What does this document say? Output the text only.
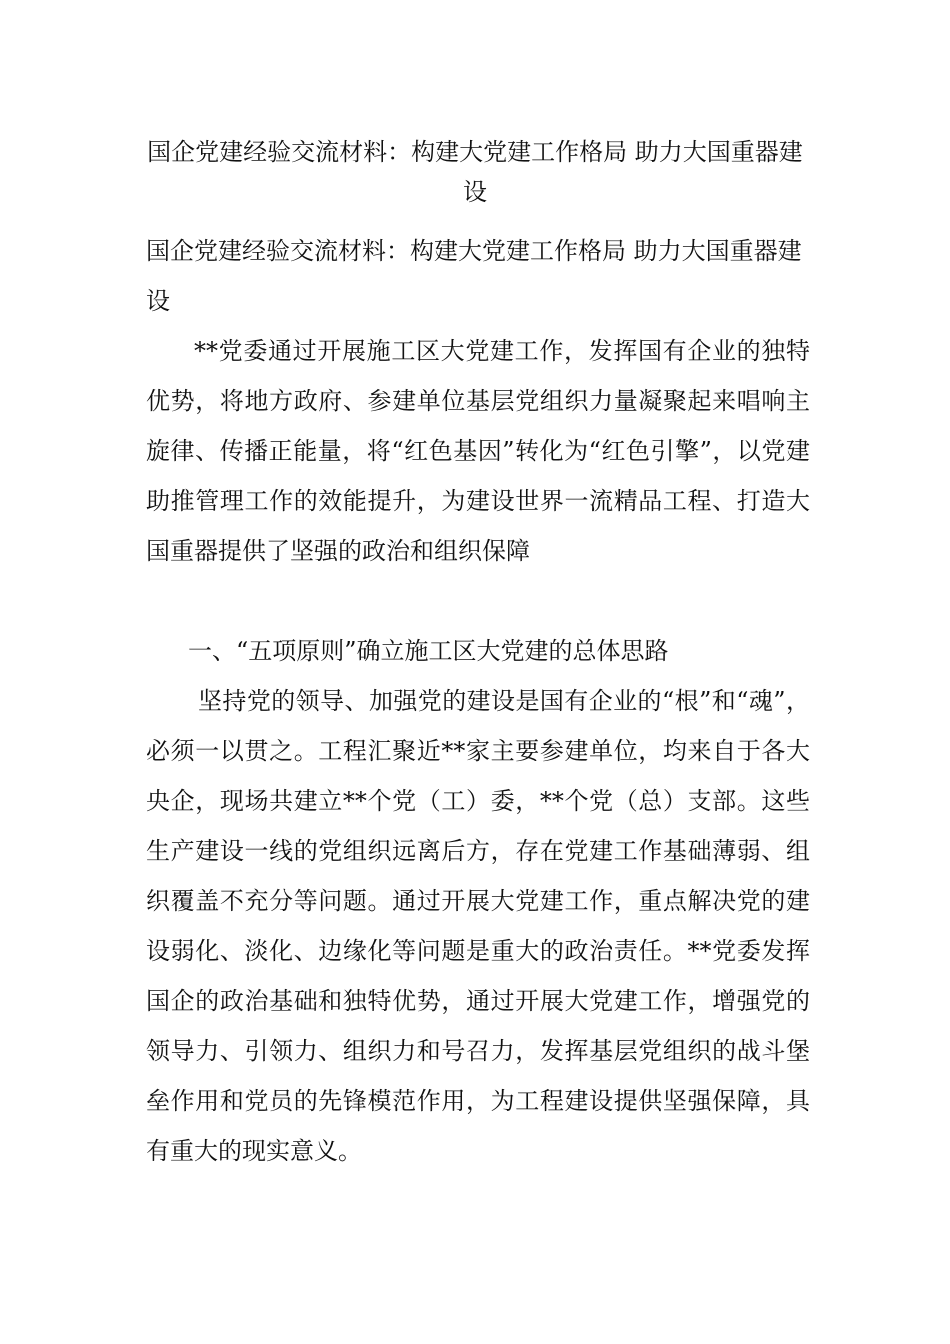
国企党建经验交流材料：构建大党建工作格局 助力大国重器建设
国企党建经验交流材料：构建大党建工作格局 助力大国重器建设
**党委通过开展施工区大党建工作，发挥国有企业的独特优势，将地方政府、参建单位基层党组织力量凝聚起来唱响主旋律、传播正能量，将“红色基因”转化为“红色引擎”，以党建助推管理工作的效能提升，为建设世界一流精品工程、打造大国重器提供了坚强的政治和组织保障
一、“五项原则”确立施工区大党建的总体思路
坚持党的领导、加强党的建设是国有企业的“根”和“魂”，必须一以贯之。工程汇聚近**家主要参建单位，均来自于各大央企，现场共建立**个党（工）委，**个党（总）支部。这些生产建设一线的党组织远离后方，存在党建工作基础薄弱、组织覆盖不充分等问题。通过开展大党建工作，重点解决党的建设弱化、淡化、边缘化等问题是重大的政治责任。**党委发挥国企的政治基础和独特优势，通过开展大党建工作，增强党的领导力、引领力、组织力和号召力，发挥基层党组织的战斗堡垒作用和党员的先锋模范作用，为工程建设提供坚强保障，具有重大的现实意义。
